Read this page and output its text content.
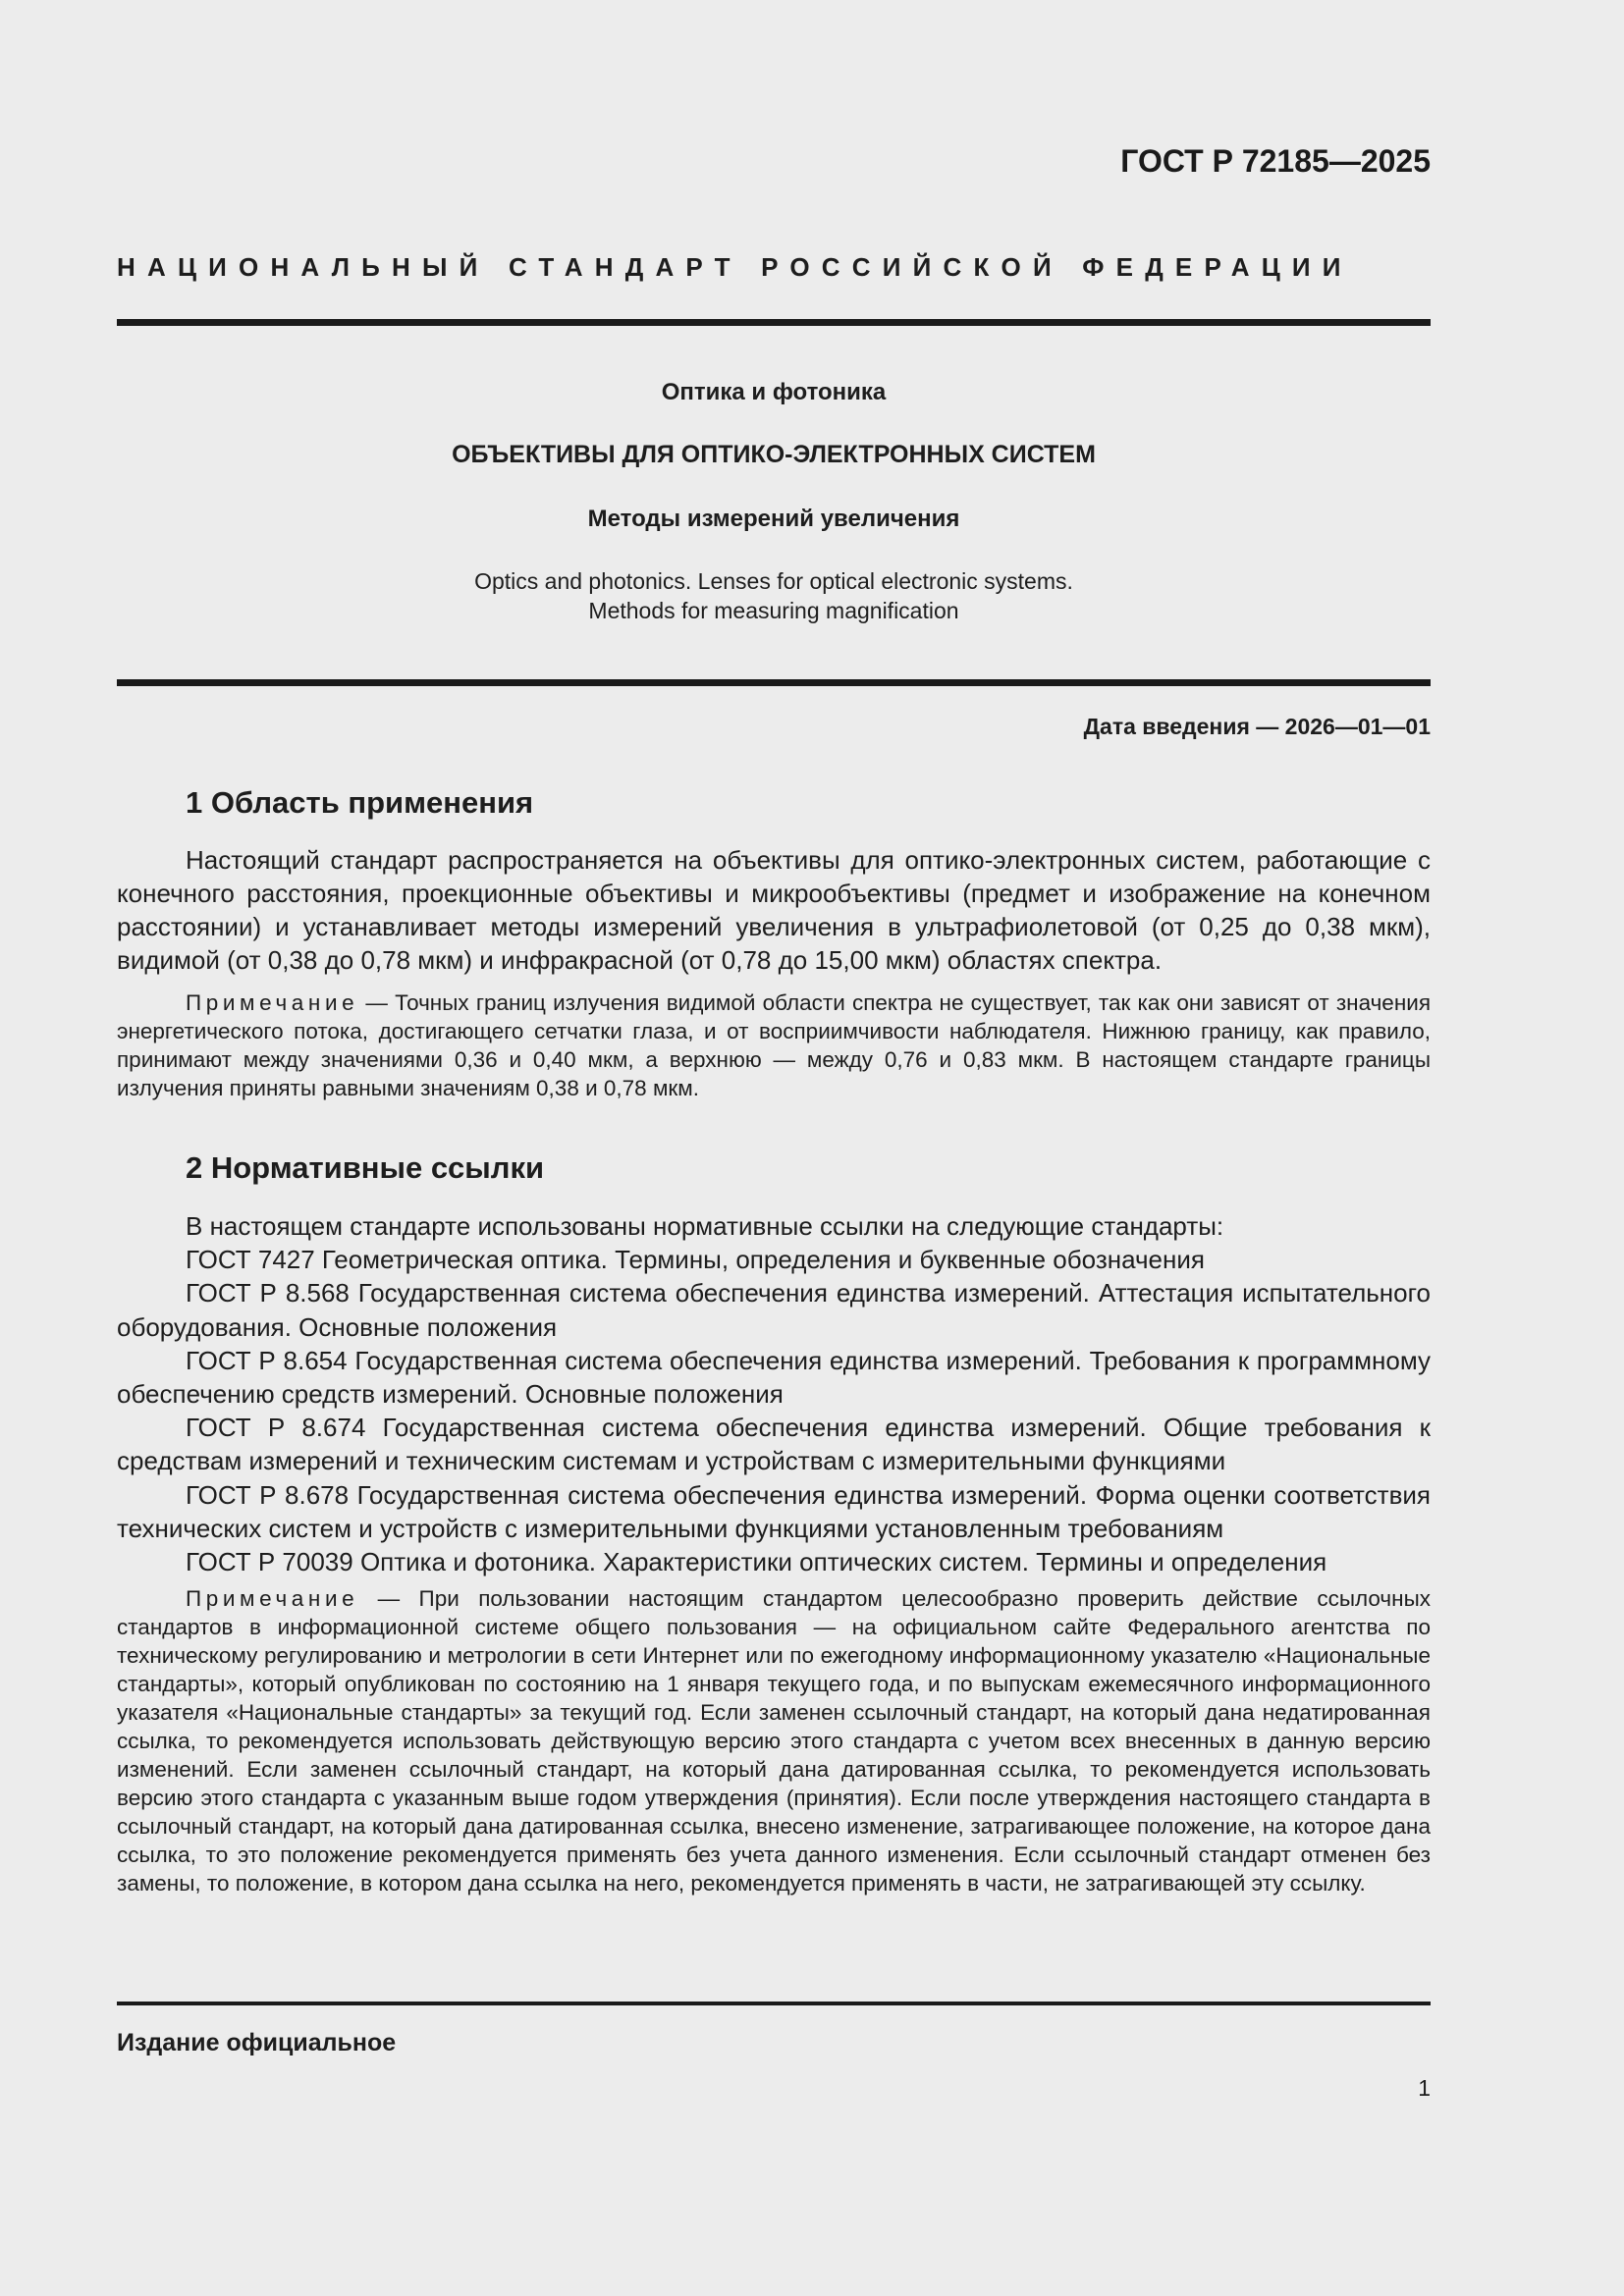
ГОСТ Р 72185—2025
НАЦИОНАЛЬНЫЙ СТАНДАРТ РОССИЙСКОЙ ФЕДЕРАЦИИ
Оптика и фотоника
ОБЪЕКТИВЫ ДЛЯ ОПТИКО-ЭЛЕКТРОННЫХ СИСТЕМ
Методы измерений увеличения
Optics and photonics. Lenses for optical electronic systems.
Methods for measuring magnification
Дата введения — 2026—01—01
1 Область применения
Настоящий стандарт распространяется на объективы для оптико-электронных систем, работающие с конечного расстояния, проекционные объективы и микрообъективы (предмет и изображение на конечном расстоянии) и устанавливает методы измерений увеличения в ультрафиолетовой (от 0,25 до 0,38 мкм), видимой (от 0,38 до 0,78 мкм) и инфракрасной (от 0,78 до 15,00 мкм) областях спектра.
Примечание — Точных границ излучения видимой области спектра не существует, так как они зависят от значения энергетического потока, достигающего сетчатки глаза, и от восприимчивости наблюдателя. Нижнюю границу, как правило, принимают между значениями 0,36 и 0,40 мкм, а верхнюю — между 0,76 и 0,83 мкм. В настоящем стандарте границы излучения приняты равными значениям 0,38 и 0,78 мкм.
2 Нормативные ссылки

В настоящем стандарте использованы нормативные ссылки на следующие стандарты:

ГОСТ 7427 Геометрическая оптика. Термины, определения и буквенные обозначения

ГОСТ Р 8.568 Государственная система обеспечения единства измерений. Аттестация испытательного оборудования. Основные положения

ГОСТ Р 8.654 Государственная система обеспечения единства измерений. Требования к программному обеспечению средств измерений. Основные положения

ГОСТ Р 8.674 Государственная система обеспечения единства измерений. Общие требования к средствам измерений и техническим системам и устройствам с измерительными функциями

ГОСТ Р 8.678 Государственная система обеспечения единства измерений. Форма оценки соответствия технических систем и устройств с измерительными функциями установленным требованиям

ГОСТ Р 70039 Оптика и фотоника. Характеристики оптических систем. Термины и определения

Примечание — При пользовании настоящим стандартом целесообразно проверить действие ссылочных стандартов в информационной системе общего пользования — на официальном сайте Федерального агентства по техническому регулированию и метрологии в сети Интернет или по ежегодному информационному указателю «Национальные стандарты», который опубликован по состоянию на 1 января текущего года, и по выпускам ежемесячного информационного указателя «Национальные стандарты» за текущий год. Если заменен ссылочный стандарт, на который дана недатированная ссылка, то рекомендуется использовать действующую версию этого стандарта с учетом всех внесенных в данную версию изменений. Если заменен ссылочный стандарт, на который дана датированная ссылка, то рекомендуется использовать версию этого стандарта с указанным выше годом утверждения (принятия). Если после утверждения настоящего стандарта в ссылочный стандарт, на который дана датированная ссылка, внесено изменение, затрагивающее положение, на которое дана ссылка, то это положение рекомендуется применять без учета данного изменения. Если ссылочный стандарт отменен без замены, то положение, в котором дана ссылка на него, рекомендуется применять в части, не затрагивающей эту ссылку.
Издание официальное
1
